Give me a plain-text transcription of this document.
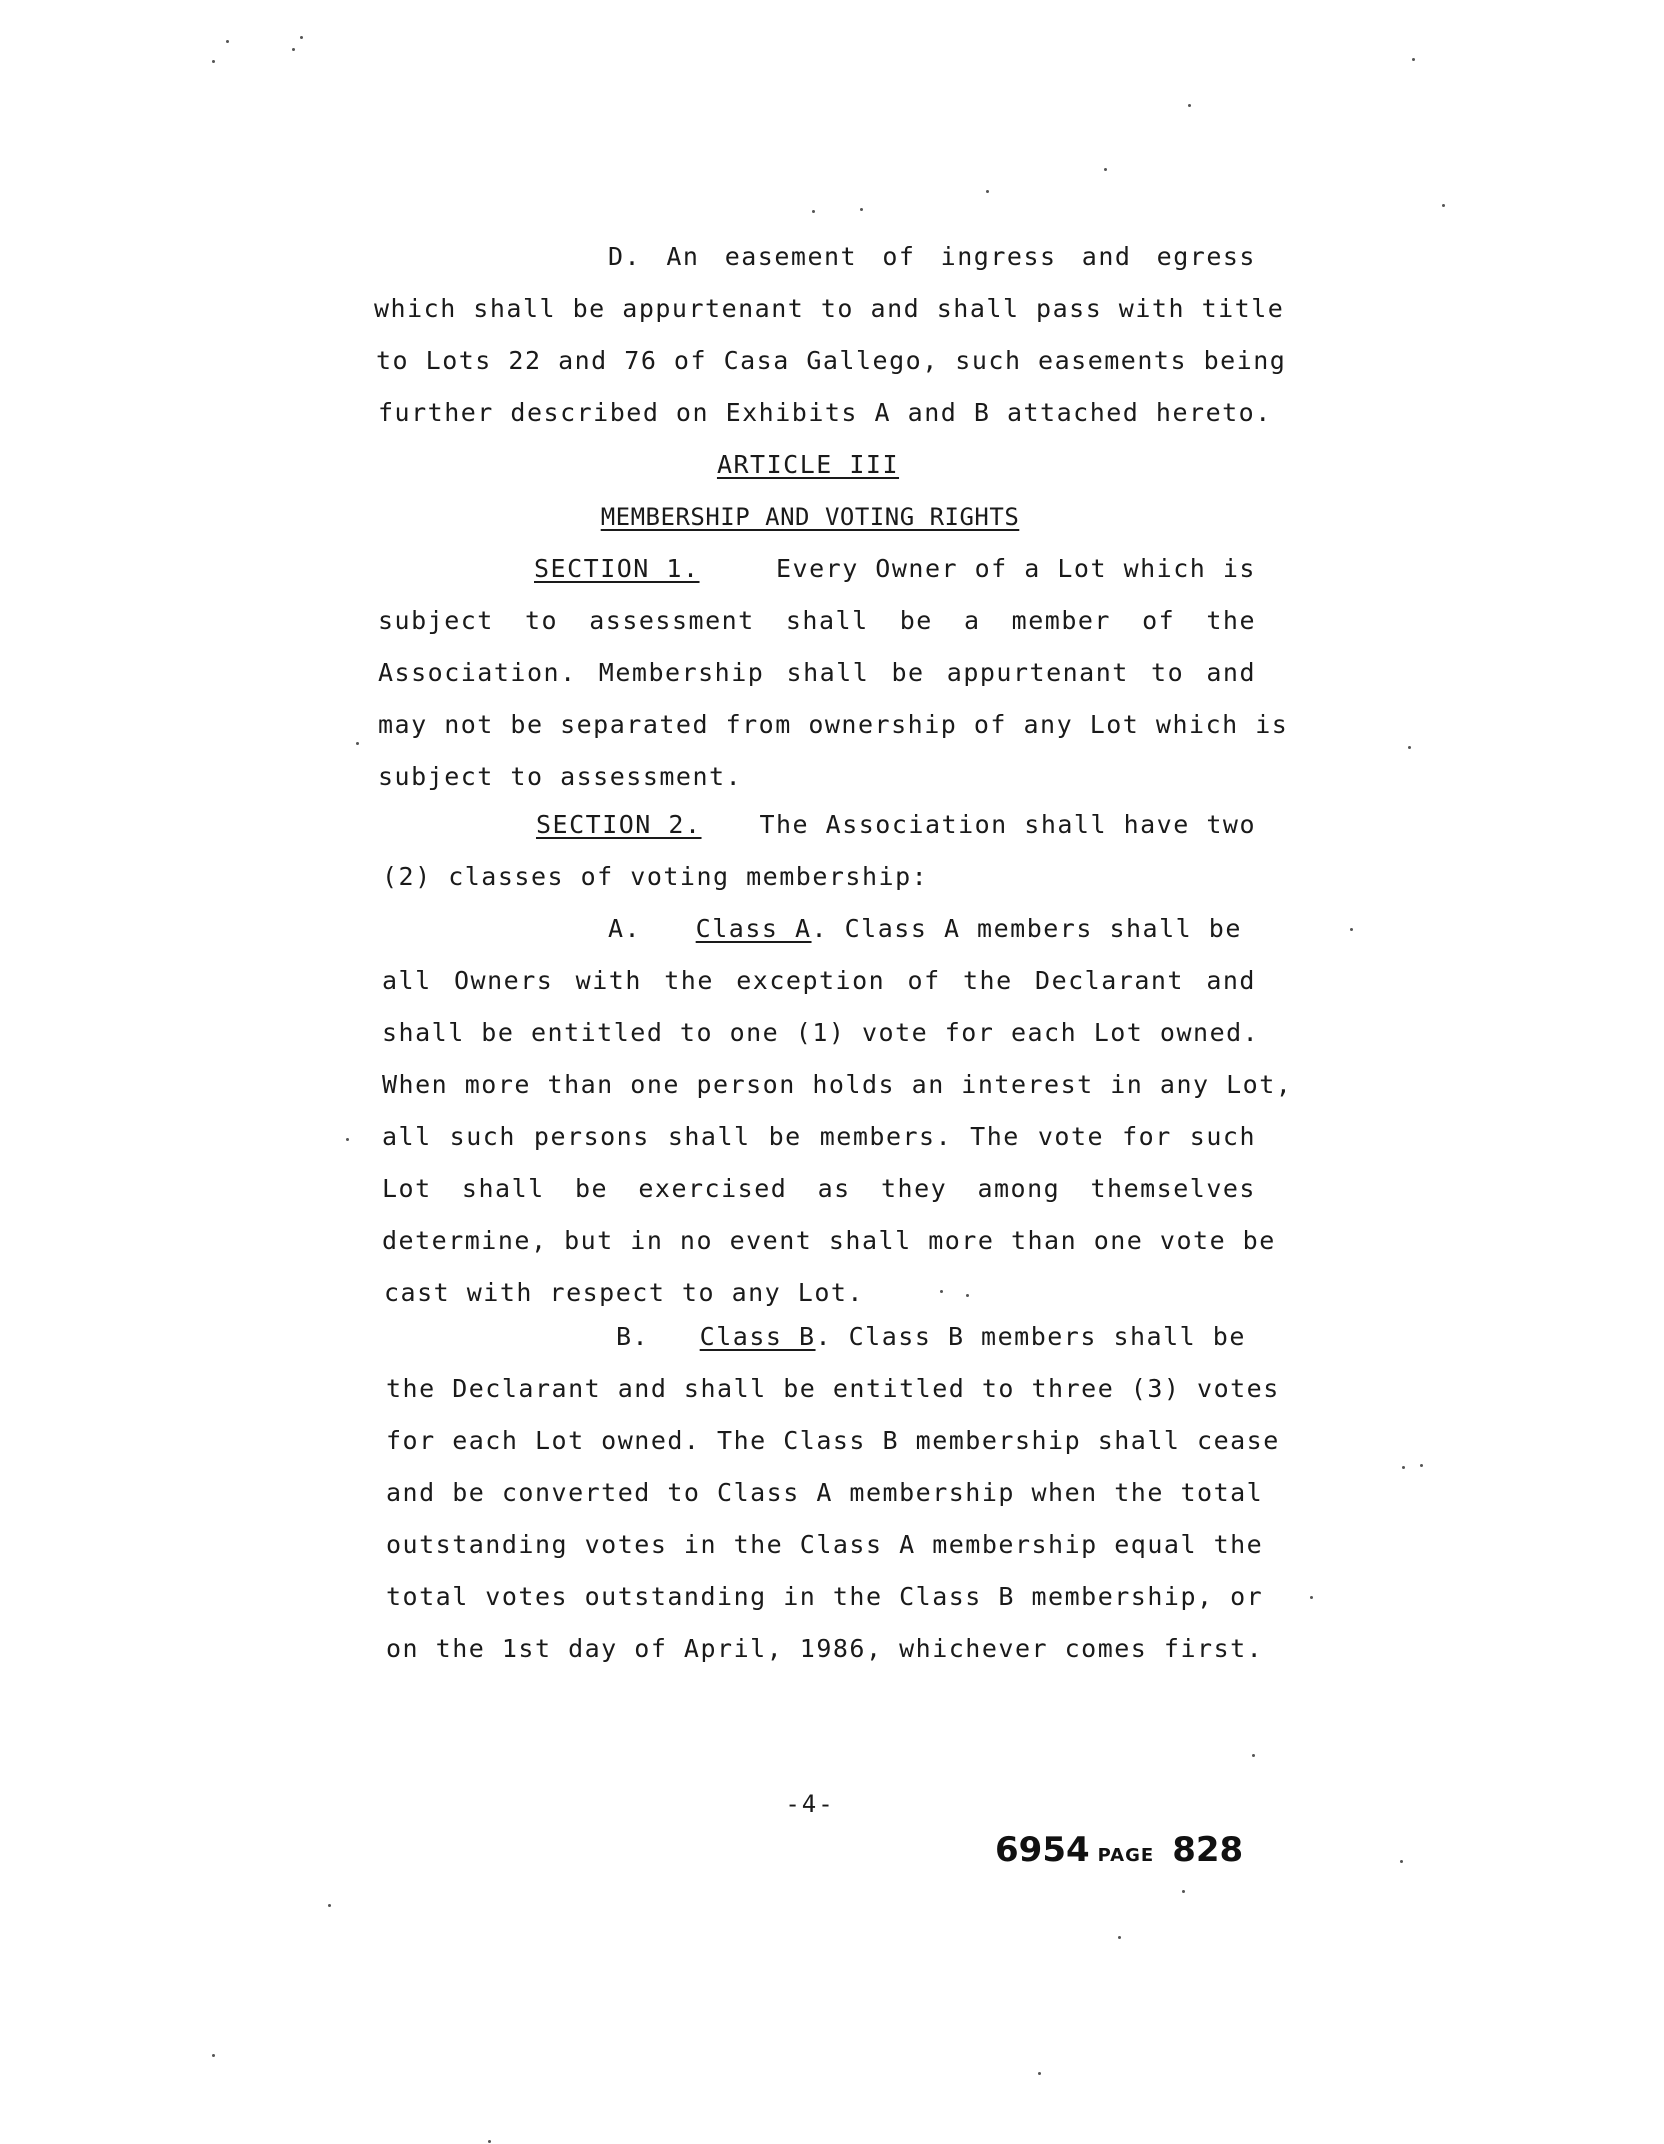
D. An easement of ingress and egress

which shall be appurtenant to and shall pass with title

to Lots 22 and 76 of Casa Gallego, such easements being

further described on Exhibits A and B attached hereto.

ARTICLE III

MEMBERSHIP AND VOTING RIGHTS

SECTION 1.	Every Owner of a Lot which is

subject to assessment shall be a member of the

Association. Membership shall be appurtenant to and

may not be separated from ownership of any Lot which is

subject to assessment.

SECTION 2. The Association shall have two

(2) classes of voting membership:

A. Class A. Class A members shall be

all Owners with the exception of the Declarant and

shall be entitled to one (1) vote for each Lot owned.

When more than one person holds an interest in any Lot,

all such persons shall be members. The vote for such

Lot shall be exercised as they among themselves

determine, but in no event shall more than one vote be

cast with respect to any Lot.

B. Class B. Class B members shall be

the Declarant and shall be entitled to three (3) votes

for each Lot owned. The Class B membership shall cease

and be converted to Class A membership when the total

outstanding votes in the Class A membership equal the

total votes outstanding in the Class B membership, or

on the 1st day of April, 1986, whichever comes first.

-4-
6954 PAGE 828
